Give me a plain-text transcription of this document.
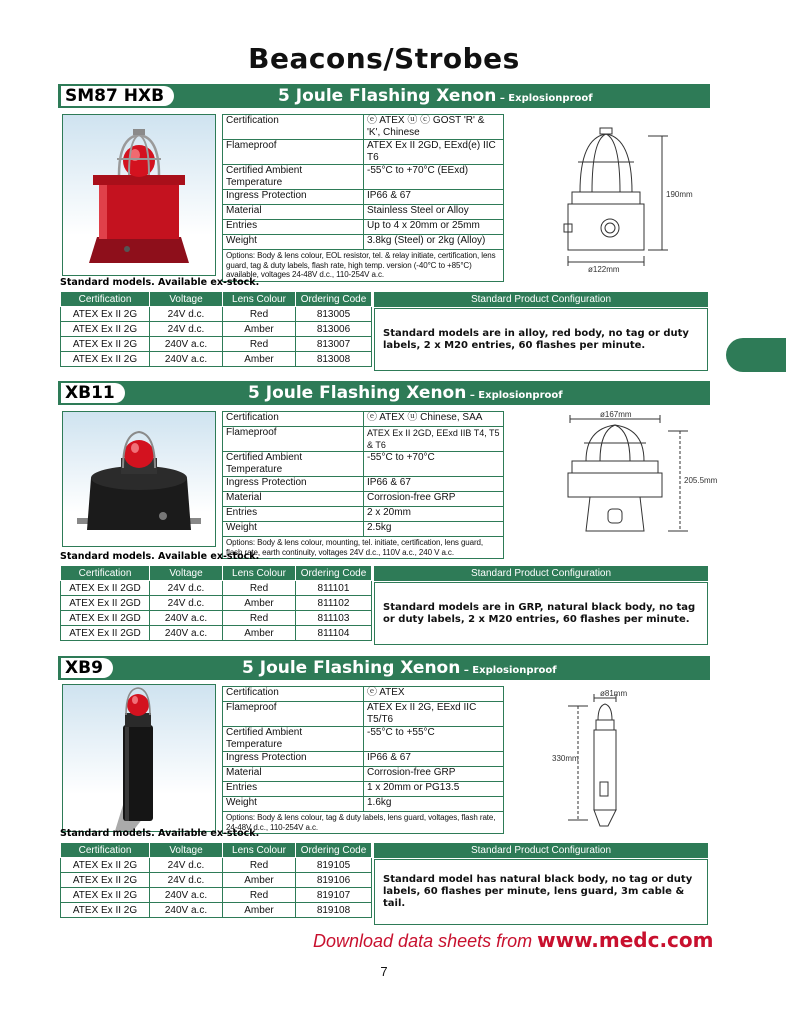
Beacons/Strobes
SM87 HXB	5 Joule Flashing Xenon – Explosionproof
Certification	ⓔ ATEX ⓤ ⓒ GOST 'R' & 'K', Chinese
Flameproof	ATEX Ex II 2GD, EExd(e) IIC T6
Certified Ambient Temperature	-55°C to +70°C (EExd)
Ingress Protection	IP66 & 67
Material	Stainless Steel or Alloy
Entries	Up to 4 x 20mm or 25mm
Weight	3.8kg (Steel) or 2kg (Alloy)
Options: Body & lens colour, EOL resistor, tel. & relay initiate, certification, lens guard, tag & duty labels, flash rate, high temp. version (-40°C to +85°C) available, voltages 24-48V d.c., 110-254V a.c.	
190mm
ø122mm
Standard models. Available ex-stock.
Certification	Voltage	Lens Colour	Ordering Code
ATEX Ex II 2G	24V d.c.	Red	813005
ATEX Ex II 2G	24V d.c.	Amber	813006
ATEX Ex II 2G	240V a.c.	Red	813007
ATEX Ex II 2G	240V a.c.	Amber	813008
Standard Product Configuration
Standard models are in alloy, red body, no tag or duty labels, 2 x M20 entries, 60 flashes per minute.
XB11	5 Joule Flashing Xenon – Explosionproof
Certification	ⓔ ATEX ⓤ Chinese, SAA
Flameproof	ATEX Ex II 2GD, EExd IIB T4, T5 & T6
Certified Ambient Temperature	-55°C to +70°C
Ingress Protection	IP66 & 67
Material	Corrosion-free GRP
Entries	2 x 20mm
Weight	2.5kg
Options: Body & lens colour, mounting, tel. initiate, certification, lens guard, flash rate, earth continuity, voltages 24V d.c., 110V a.c., 240 V a.c.	
ø167mm
205.5mm
Standard models. Available ex-stock.
Certification	Voltage	Lens Colour	Ordering Code
ATEX Ex II 2GD	24V d.c.	Red	811101
ATEX Ex II 2GD	24V d.c.	Amber	811102
ATEX Ex II 2GD	240V a.c.	Red	811103
ATEX Ex II 2GD	240V a.c.	Amber	811104
Standard Product Configuration
Standard models are in GRP, natural black body, no tag or duty labels, 2 x M20 entries, 60 flashes per minute.
XB9	5 Joule Flashing Xenon – Explosionproof
Certification	ⓔ ATEX
Flameproof	ATEX Ex II 2G, EExd IIC T5/T6
Certified Ambient Temperature	-55°C to +55°C
Ingress Protection	IP66 & 67
Material	Corrosion-free GRP
Entries	1 x 20mm or PG13.5
Weight	1.6kg
Options: Body & lens colour, tag & duty labels, lens guard, voltages, flash rate, 24-48V d.c., 110-254V a.c.	
ø81mm
330mm
Standard models. Available ex-stock.
Certification	Voltage	Lens Colour	Ordering Code
ATEX Ex II 2G	24V d.c.	Red	819105
ATEX Ex II 2G	24V d.c.	Amber	819106
ATEX Ex II 2G	240V a.c.	Red	819107
ATEX Ex II 2G	240V a.c.	Amber	819108
Standard Product Configuration
Standard model has natural black body, no tag or duty labels, 60 flashes per minute, lens guard, 3m cable & tail.
Download data sheets from www.medc.com
7
